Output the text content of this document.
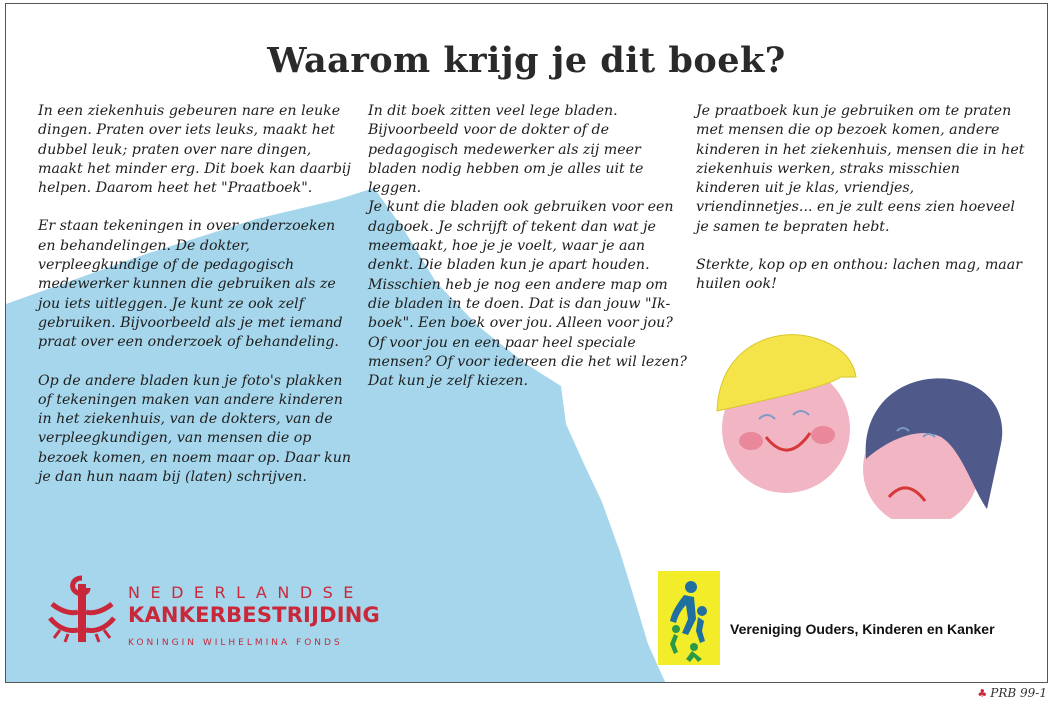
Waarom krijg je dit boek?

In een ziekenhuis gebeuren nare en leuke dingen. Praten over iets leuks, maakt het dubbel leuk; praten over nare dingen, maakt het minder erg. Dit boek kan daarbij helpen. Daarom heet het "Praatboek".

Er staan tekeningen in over onderzoeken en behandelingen. De dokter, verpleegkundige of de pedagogisch medewerker kunnen die gebruiken als ze jou iets uitleggen. Je kunt ze ook zelf gebruiken. Bijvoorbeeld als je met iemand praat over een onderzoek of behandeling.

Op de andere bladen kun je foto's plakken of tekeningen maken van andere kinderen in het ziekenhuis, van de dokters, van de verpleegkundigen, van mensen die op bezoek komen, en noem maar op. Daar kun je dan hun naam bij (laten) schrijven.

In dit boek zitten veel lege bladen. Bijvoorbeeld voor de dokter of de pedagogisch medewerker als zij meer bladen nodig hebben om je alles uit te leggen.

Je kunt die bladen ook gebruiken voor een dagboek. Je schrijft of tekent dan wat je meemaakt, hoe je je voelt, waar je aan denkt. Die bladen kun je apart houden. Misschien heb je nog een andere map om die bladen in te doen. Dat is dan jouw "Ik-boek". Een boek over jou. Alleen voor jou? Of voor jou en een paar heel speciale mensen? Of voor iedereen die het wil lezen? Dat kun je zelf kiezen.

Je praatboek kun je gebruiken om te praten met mensen die op bezoek komen, andere kinderen in het ziekenhuis, mensen die in het ziekenhuis werken, straks misschien kinderen uit je klas, vriendjes, vriendinnetjes... en je zult eens zien hoeveel je samen te bepraten hebt.

Sterkte, kop op en onthou: lachen mag, maar huilen ook!

NEDERLANDSE
KANKERBESTRIJDING
KONINGIN WILHELMINA FONDS
Vereniging Ouders, Kinderen en Kanker
♣ PRB 99-1
